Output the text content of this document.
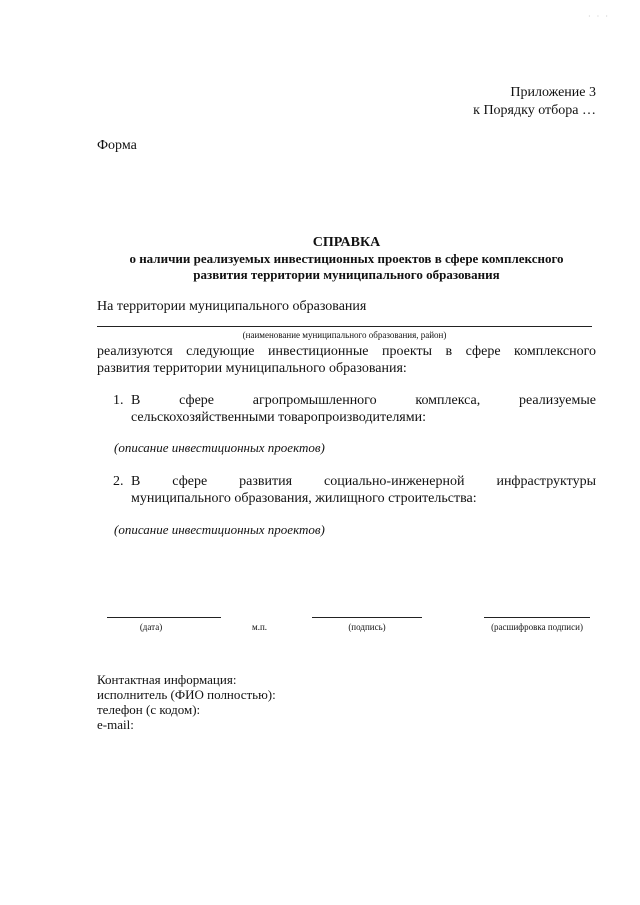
· · ·
Приложение 3
к Порядку отбора …
Форма
СПРАВКА
о наличии реализуемых инвестиционных проектов в сфере комплексного
развития территории муниципального образования
На территории муниципального образования
(наименование муниципального образования, район)
реализуются следующие инвестиционные проекты в сфере комплексного
развития территории муниципального образования:
1. В сфере агропромышленного комплекса, реализуемые
сельскохозяйственными товаропроизводителями:
(описание инвестиционных проектов)
2. В сфере развития социально-инженерной инфраструктуры
муниципального образования, жилищного строительства:
(описание инвестиционных проектов)
(дата)	м.п.	(подпись)	(расшифровка подписи)
Контактная информация:
исполнитель (ФИО полностью):
телефон (с кодом):
e-mail:
